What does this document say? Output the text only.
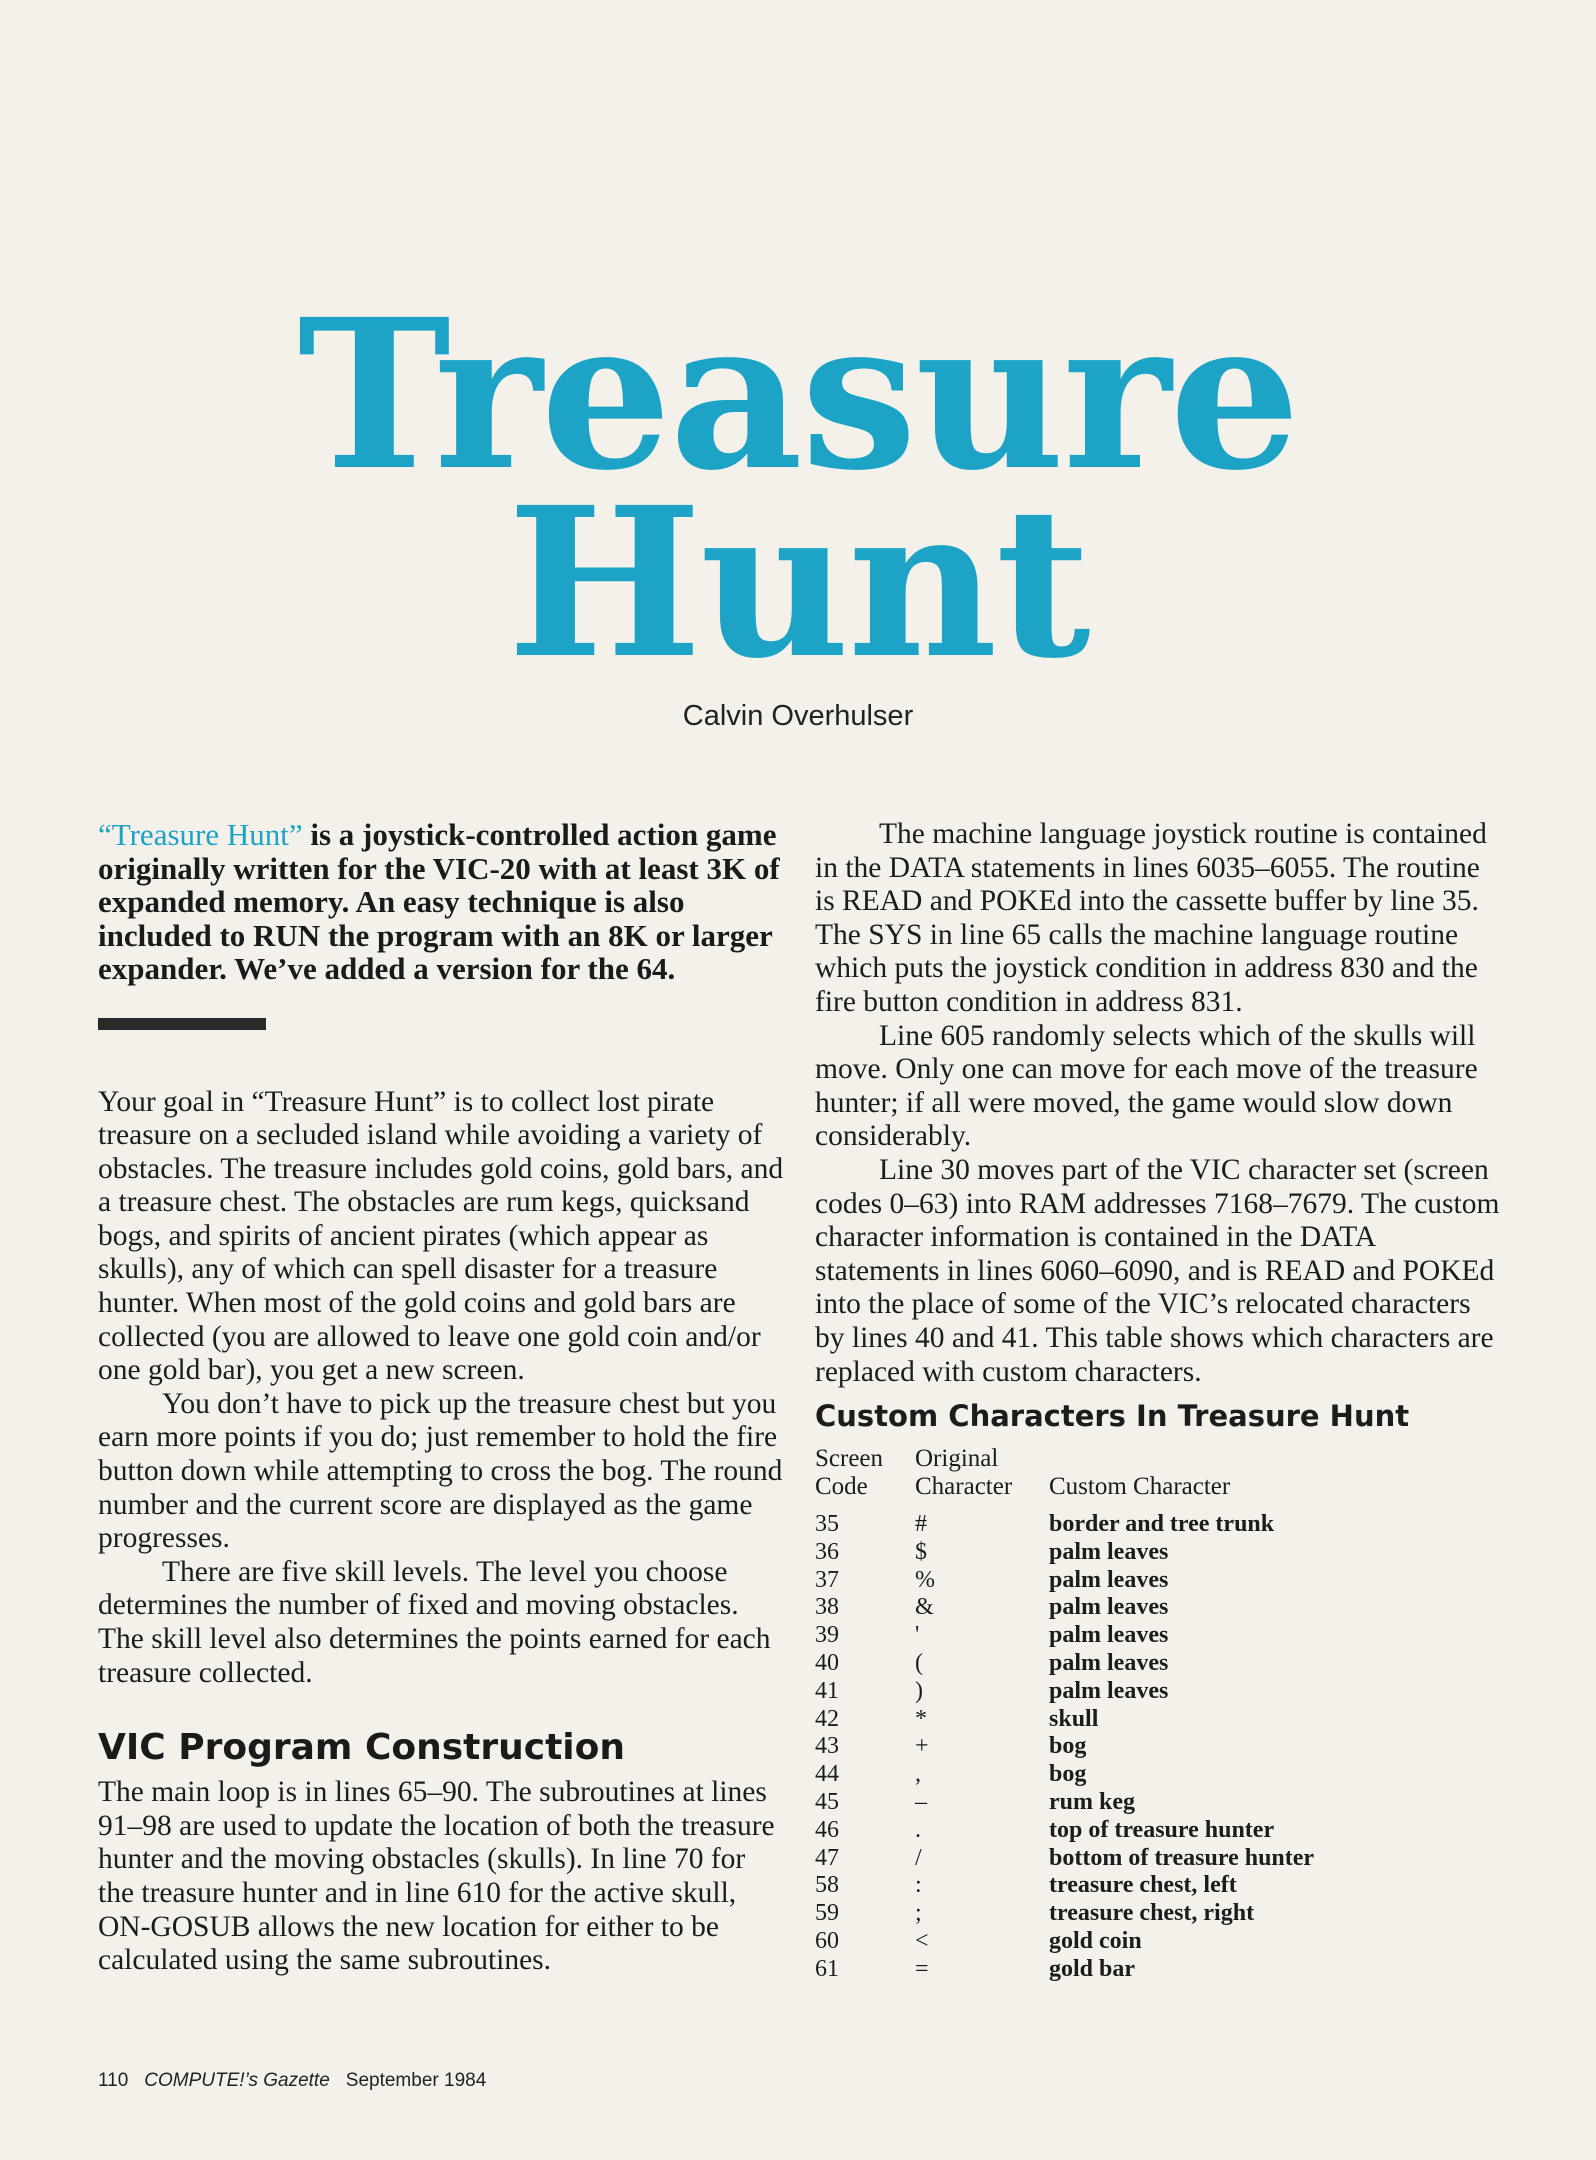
Treasure
Hunt
Calvin Overhulser

“Treasure Hunt” is a joystick-controlled action game originally written for the VIC-20 with at least 3K of expanded memory. An easy technique is also included to RUN the program with an 8K or larger expander. We’ve added a version for the 64.

Your goal in “Treasure Hunt” is to collect lost pirate treasure on a secluded island while avoiding a variety of obstacles. The treasure includes gold coins, gold bars, and a treasure chest. The obstacles are rum kegs, quicksand bogs, and spirits of ancient pirates (which appear as skulls), any of which can spell disaster for a treasure hunter. When most of the gold coins and gold bars are collected (you are allowed to leave one gold coin and/or one gold bar), you get a new screen.

You don’t have to pick up the treasure chest but you earn more points if you do; just remember to hold the fire button down while attempting to cross the bog. The round number and the current score are displayed as the game progresses.

There are five skill levels. The level you choose determines the number of fixed and moving obstacles. The skill level also determines the points earned for each treasure collected.

VIC Program Construction

The main loop is in lines 65–90. The subroutines at lines 91–98 are used to update the location of both the treasure hunter and the moving obstacles (skulls). In line 70 for the treasure hunter and in line 610 for the active skull, ON-GOSUB allows the new location for either to be calculated using the same subroutines.

The machine language joystick routine is contained in the DATA statements in lines 6035–6055. The routine is READ and POKEd into the cassette buffer by line 35. The SYS in line 65 calls the machine language routine which puts the joystick condition in address 830 and the fire button condition in address 831.

Line 605 randomly selects which of the skulls will move. Only one can move for each move of the treasure hunter; if all were moved, the game would slow down considerably.

Line 30 moves part of the VIC character set (screen codes 0–63) into RAM addresses 7168–7679. The custom character information is contained in the DATA statements in lines 6060–6090, and is READ and POKEd into the place of some of the VIC’s relocated characters by lines 40 and 41. This table shows which characters are replaced with custom characters.

Custom Characters In Treasure Hunt
Screen
Code	Original
Character	Custom Character
35	#	border and tree trunk
36	$	palm leaves
37	%	palm leaves
38	&	palm leaves
39	'	palm leaves
40	(	palm leaves
41	)	palm leaves
42	*	skull
43	+	bog
44	,	bog
45	–	rum keg
46	.	top of treasure hunter
47	/	bottom of treasure hunter
58	:	treasure chest, left
59	;	treasure chest, right
60	<	gold coin
61	=	gold bar
110 COMPUTE!’s Gazette September 1984
